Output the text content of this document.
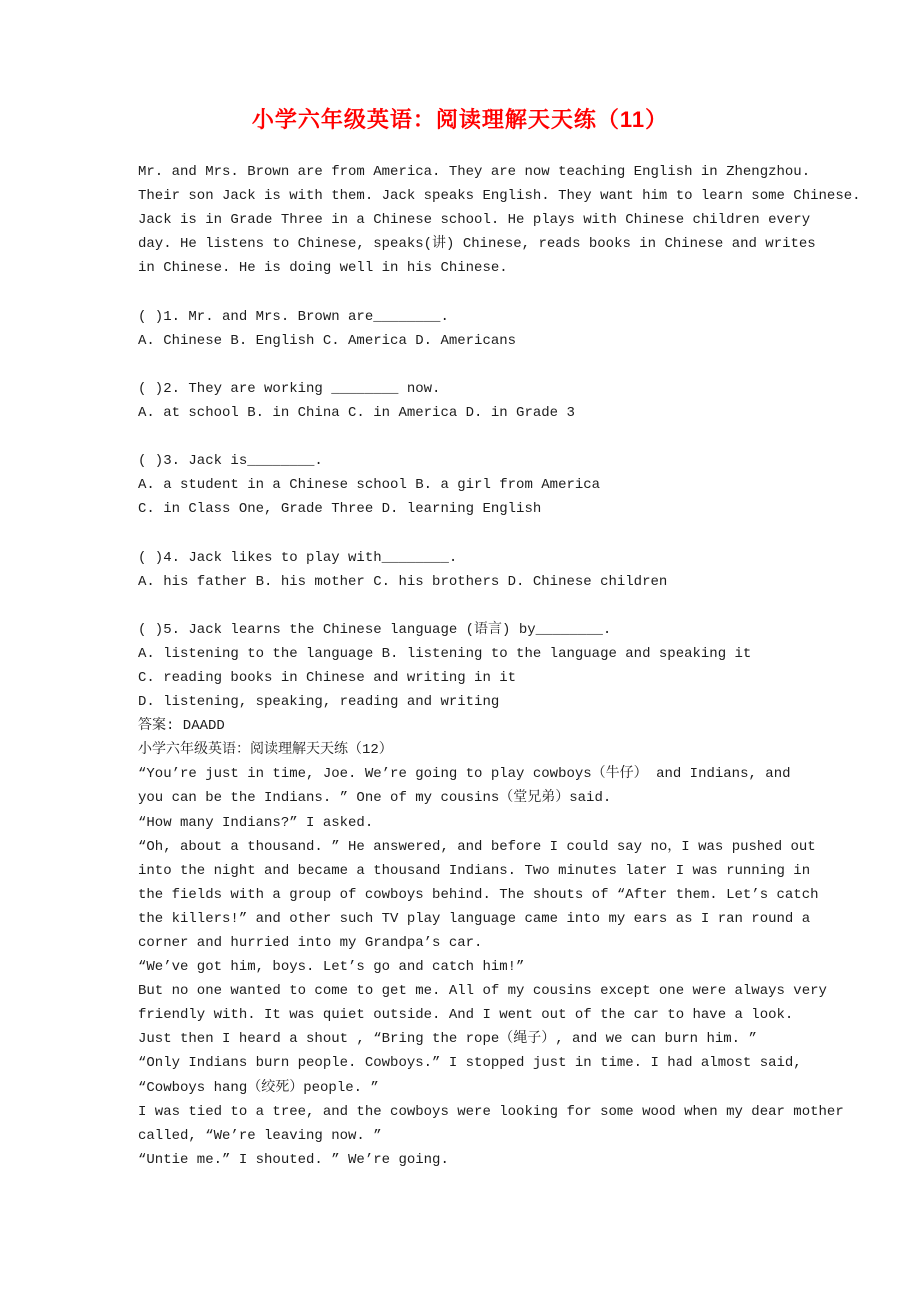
小学六年级英语：阅读理解天天练（11）
Mr. and Mrs. Brown are from America. They are now teaching English in Zhengzhou.
Their son Jack is with them. Jack speaks English. They want him to learn some Chinese.
Jack is in Grade Three in a Chinese school. He plays with Chinese children every
day. He listens to Chinese, speaks(讲) Chinese, reads books in Chinese and writes
in Chinese. He is doing well in his Chinese.
( )1. Mr. and Mrs. Brown are________.
A. Chinese B. English C. America D. Americans
( )2. They are working ________ now.
A. at school B. in China C. in America D. in Grade 3
( )3. Jack is________.
A. a student in a Chinese school B. a girl from America
C. in Class One, Grade Three D. learning English
( )4. Jack likes to play with________.
A. his father B. his mother C. his brothers D. Chinese children
( )5. Jack learns the Chinese language (语言) by________.
A. listening to the language B. listening to the language and speaking it
C. reading books in Chinese and writing in it
D. listening, speaking, reading and writing
答案: DAADD
小学六年级英语：阅读理解天天练（12）
“You’re just in time, Joe. We’re going to play cowboys（牛仔） and Indians, and
you can be the Indians. ” One of my cousins（堂兄弟）said.
“How many Indians?” I asked.
“Oh, about a thousand. ” He answered, and before I could say no，I was pushed out
into the night and became a thousand Indians. Two minutes later I was running in
the fields with a group of cowboys behind. The shouts of “After them. Let’s catch
the killers!” and other such TV play language came into my ears as I ran round a
corner and hurried into my Grandpa’s car.
“We’ve got him, boys. Let’s go and catch him!”
But no one wanted to come to get me. All of my cousins except one were always very
friendly with. It was quiet outside. And I went out of the car to have a look.
Just then I heard a shout , “Bring the rope（绳子）, and we can burn him. ”
“Only Indians burn people. Cowboys.” I stopped just in time. I had almost said,
“Cowboys hang（绞死）people. ”
I was tied to a tree, and the cowboys were looking for some wood when my dear mother
called, “We’re leaving now. ”
“Untie me.” I shouted. ” We’re going.
